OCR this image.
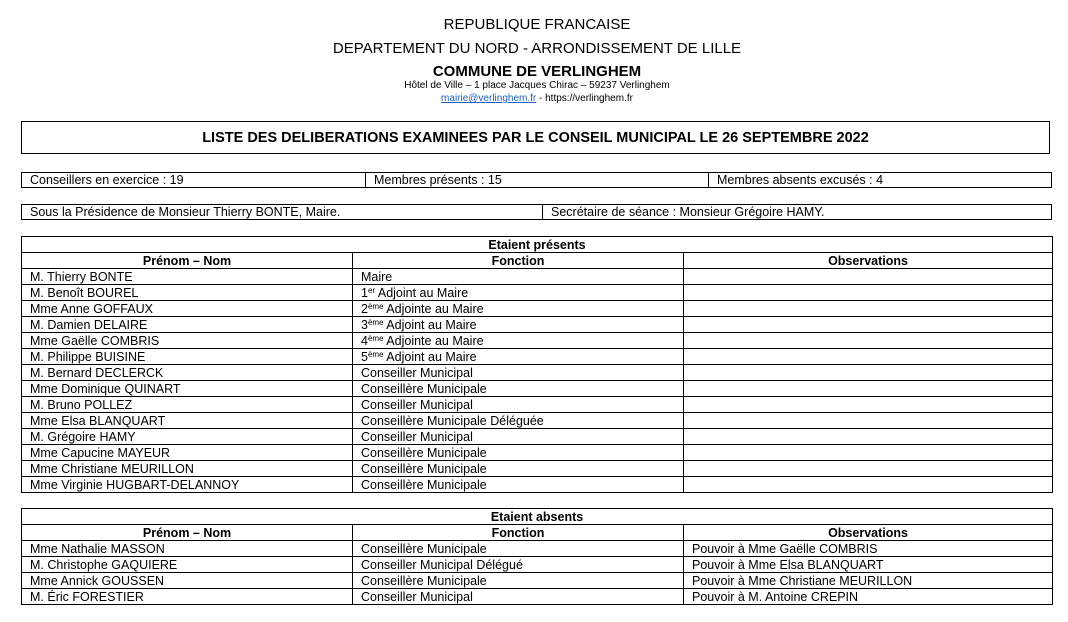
REPUBLIQUE FRANCAISE
DEPARTEMENT DU NORD - ARRONDISSEMENT DE LILLE
COMMUNE DE VERLINGHEM
Hôtel de Ville – 1 place Jacques Chirac – 59237 Verlinghem
mairie@verlinghem.fr - https://verlinghem.fr
LISTE DES DELIBERATIONS EXAMINEES PAR LE CONSEIL MUNICIPAL LE 26 SEPTEMBRE 2022
Conseillers en exercice : 19	Membres présents : 15	Membres absents excusés : 4
Sous la Présidence de Monsieur Thierry BONTE, Maire.	Secrétaire de séance : Monsieur Grégoire HAMY.
Etaient présents		
Prénom – Nom	Fonction	Observations
M. Thierry BONTE	Maire	
M. Benoît BOUREL	1er Adjoint au Maire	
Mme Anne GOFFAUX	2ème Adjointe au Maire	
M. Damien DELAIRE	3ème Adjoint au Maire	
Mme Gaëlle COMBRIS	4ème Adjointe au Maire	
M. Philippe BUISINE	5ème Adjoint au Maire	
M. Bernard DECLERCK	Conseiller Municipal	
Mme Dominique QUINART	Conseillère Municipale	
M. Bruno POLLEZ	Conseiller Municipal	
Mme Elsa BLANQUART	Conseillère Municipale Déléguée	
M. Grégoire HAMY	Conseiller Municipal	
Mme Capucine MAYEUR	Conseillère Municipale	
Mme Christiane MEURILLON	Conseillère Municipale	
Mme Virginie HUGBART-DELANNOY	Conseillère Municipale	
Etaient absents		
Prénom – Nom	Fonction	Observations
Mme Nathalie MASSON	Conseillère Municipale	Pouvoir à Mme Gaëlle COMBRIS
M. Christophe GAQUIERE	Conseiller Municipal Délégué	Pouvoir à Mme Elsa BLANQUART
Mme Annick GOUSSEN	Conseillère Municipale	Pouvoir à Mme Christiane MEURILLON
M. Éric FORESTIER	Conseiller Municipal	Pouvoir à M. Antoine CREPIN
